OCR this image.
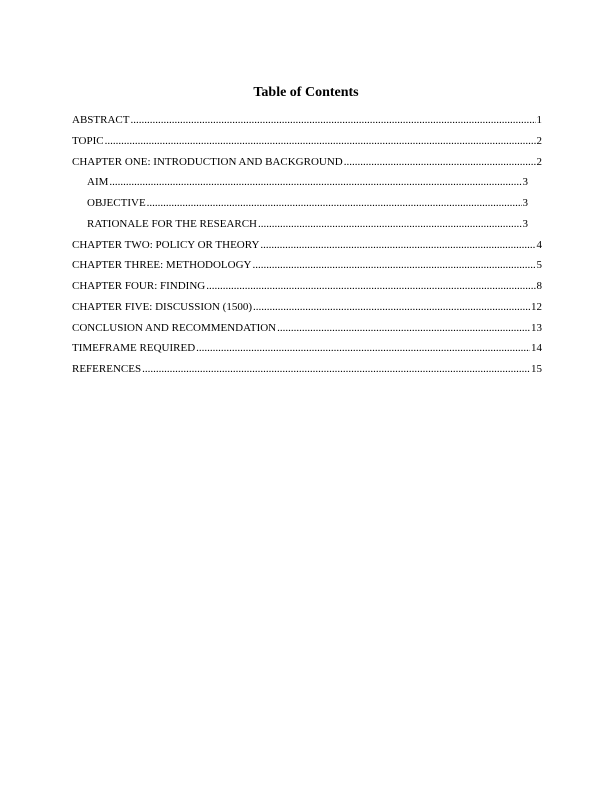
Table of Contents
ABSTRACT .....	1
TOPIC .....	2
CHAPTER ONE: INTRODUCTION AND BACKGROUND .....	2
AIM .....	3
OBJECTIVE .....	3
RATIONALE FOR THE RESEARCH .....	3
CHAPTER TWO: POLICY OR THEORY .....	4
CHAPTER THREE: METHODOLOGY .....	5
CHAPTER FOUR: FINDING .....	8
CHAPTER FIVE: DISCUSSION (1500) .....	12
CONCLUSION AND RECOMMENDATION .....	13
TIMEFRAME REQUIRED .....	14
REFERENCES .....	15
